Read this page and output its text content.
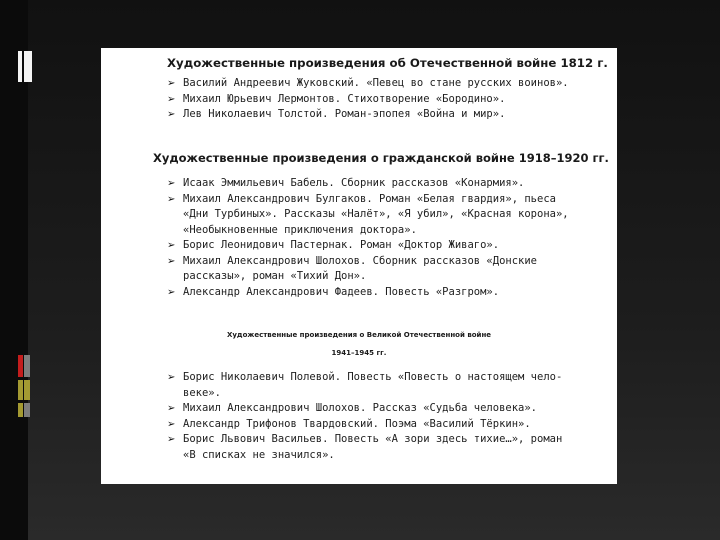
Художественные произведения об Отечественной войне 1812 г.
➢ Василий Андреевич Жуковский. «Певец во стане русских воинов».
➢ Михаил Юрьевич Лермонтов. Стихотворение «Бородино».
➢ Лев Николаевич Толстой. Роман-эпопея «Война и мир».
Художественные произведения о гражданской войне 1918–1920 гг.
➢ Исаак Эммильевич Бабель. Сборник рассказов «Конармия».
➢ Михаил Александрович Булгаков. Роман «Белая гвардия», пьеса
«Дни Турбиных». Рассказы «Налёт», «Я убил», «Красная корона»,
«Необыкновенные приключения доктора».
➢ Борис Леонидович Пастернак. Роман «Доктор Живаго».
➢ Михаил Александрович Шолохов. Сборник рассказов «Донские
рассказы», роман «Тихий Дон».
➢ Александр Александрович Фадеев. Повесть «Разгром».
Художественные произведения о Великой Отечественной войне
1941–1945 гг.
➢ Борис Николаевич Полевой. Повесть «Повесть о настоящем чело-
веке».
➢ Михаил Александрович Шолохов. Рассказ «Судьба человека».
➢ Александр Трифонов Твардовский. Поэма «Василий Тёркин».
➢ Борис Львович Васильев. Повесть «А зори здесь тихие…», роман
«В списках не значился».
